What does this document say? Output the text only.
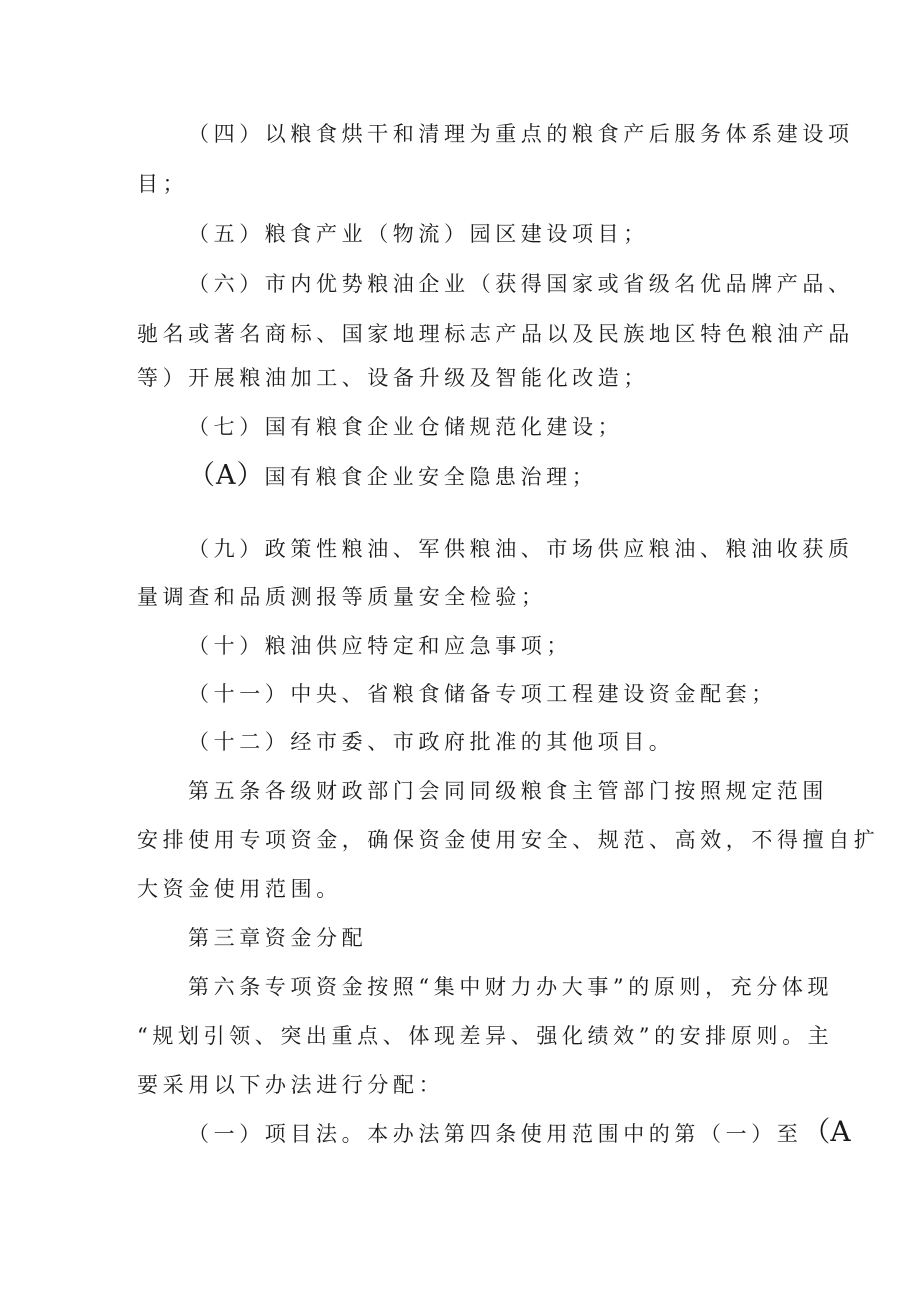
（四）以粮食烘干和清理为重点的粮食产后服务体系建设项
目；
（五）粮食产业（物流）园区建设项目；
（六）市内优势粮油企业（获得国家或省级名优品牌产品、
驰名或著名商标、国家地理标志产品以及民族地区特色粮油产品
等）开展粮油加工、设备升级及智能化改造；
（七）国有粮食企业仓储规范化建设；
（A）国有粮食企业安全隐患治理；
（九）政策性粮油、军供粮油、市场供应粮油、粮油收获质
量调查和品质测报等质量安全检验；
（十）粮油供应特定和应急事项；
（十一）中央、省粮食储备专项工程建设资金配套；
（十二）经市委、市政府批准的其他项目。
第五条各级财政部门会同同级粮食主管部门按照规定范围
安排使用专项资金，确保资金使用安全、规范、高效，不得擅自扩
大资金使用范围。
第三章资金分配
第六条专项资金按照“集中财力办大事”的原则，充分体现
“规划引领、突出重点、体现差异、强化绩效”的安排原则。主
要采用以下办法进行分配：
（一）项目法。本办法第四条使用范围中的第（一）至（A
